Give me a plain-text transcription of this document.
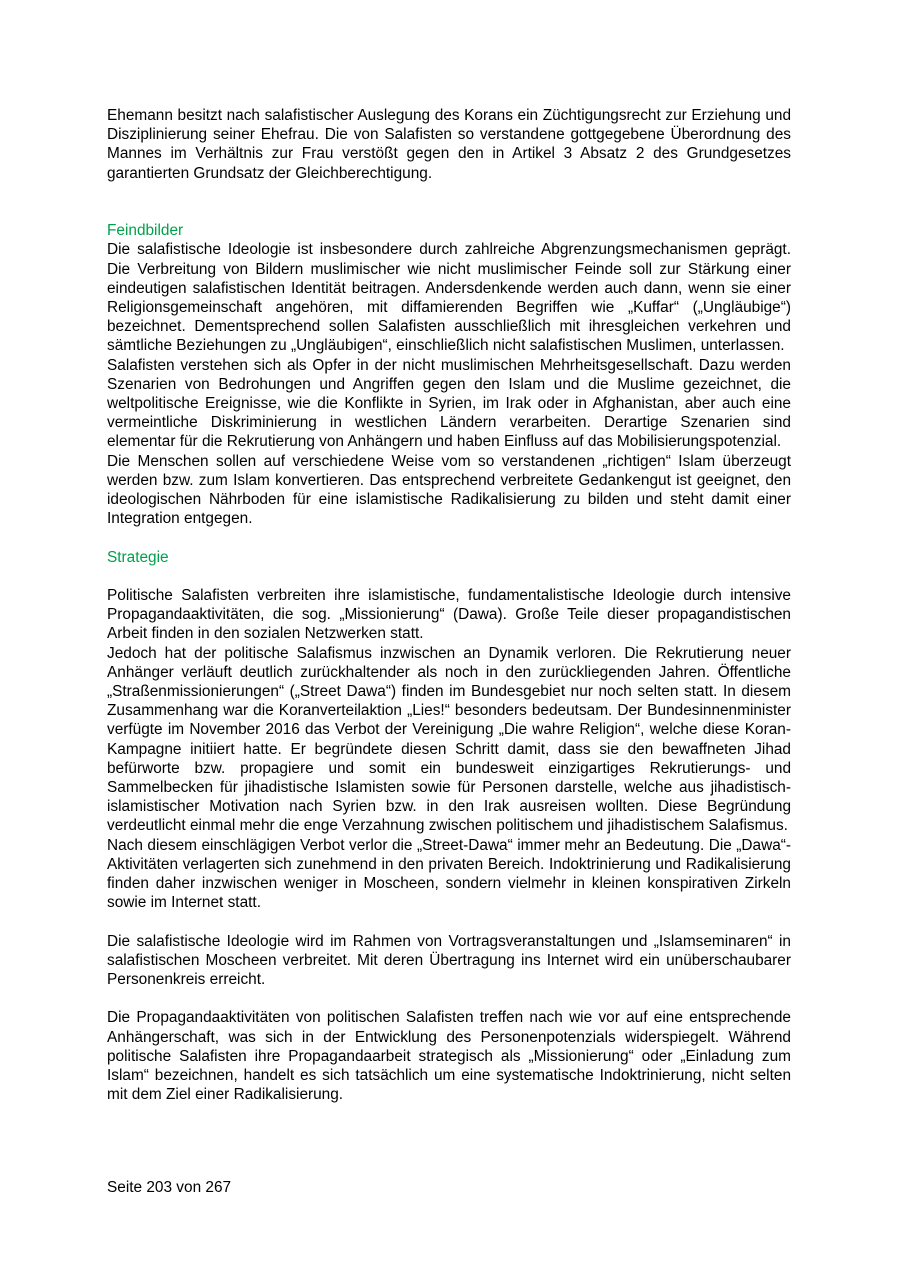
Ehemann besitzt nach salafistischer Auslegung des Korans ein Züchtigungsrecht zur Erziehung und Disziplinierung seiner Ehefrau. Die von Salafisten so verstandene gottgegebene Überordnung des Mannes im Verhältnis zur Frau verstößt gegen den in Artikel 3 Absatz 2 des Grundgesetzes garantierten Grundsatz der Gleichberechtigung.

Feindbilder

Die salafistische Ideologie ist insbesondere durch zahlreiche Abgrenzungsmechanismen geprägt. Die Verbreitung von Bildern muslimischer wie nicht muslimischer Feinde soll zur Stärkung einer eindeutigen salafistischen Identität beitragen. Andersdenkende werden auch dann, wenn sie einer Religionsgemeinschaft angehören, mit diffamierenden Begriffen wie „Kuffar“ („Ungläubige“) bezeichnet. Dementsprechend sollen Salafisten ausschließlich mit ihresgleichen verkehren und sämtliche Beziehungen zu „Ungläubigen“, einschließlich nicht salafistischen Muslimen, unterlassen.

Salafisten verstehen sich als Opfer in der nicht muslimischen Mehrheitsgesellschaft. Dazu werden Szenarien von Bedrohungen und Angriffen gegen den Islam und die Muslime gezeichnet, die weltpolitische Ereignisse, wie die Konflikte in Syrien, im Irak oder in Afghanistan, aber auch eine vermeintliche Diskriminierung in westlichen Ländern verarbeiten. Derartige Szenarien sind elementar für die Rekrutierung von Anhängern und haben Einfluss auf das Mobilisierungspotenzial.

Die Menschen sollen auf verschiedene Weise vom so verstandenen „richtigen“ Islam überzeugt werden bzw. zum Islam konvertieren. Das entsprechend verbreitete Gedankengut ist geeignet, den ideologischen Nährboden für eine islamistische Radikalisierung zu bilden und steht damit einer Integration entgegen.

Strategie

Politische Salafisten verbreiten ihre islamistische, fundamentalistische Ideologie durch intensive Propagandaaktivitäten, die sog. „Missionierung“ (Dawa). Große Teile dieser propagandistischen Arbeit finden in den sozialen Netzwerken statt.

Jedoch hat der politische Salafismus inzwischen an Dynamik verloren. Die Rekrutierung neuer Anhänger verläuft deutlich zurückhaltender als noch in den zurückliegenden Jahren. Öffentliche „Straßenmissionierungen“ („Street Dawa“) finden im Bundesgebiet nur noch selten statt. In diesem Zusammenhang war die Koranverteilaktion „Lies!“ besonders bedeutsam. Der Bundesinnenminister verfügte im November 2016 das Verbot der Vereinigung „Die wahre Religion“, welche diese Koran-Kampagne initiiert hatte. Er begründete diesen Schritt damit, dass sie den bewaffneten Jihad befürworte bzw. propagiere und somit ein bundesweit einzigartiges Rekrutierungs- und Sammelbecken für jihadistische Islamisten sowie für Personen darstelle, welche aus jihadistisch-islamistischer Motivation nach Syrien bzw. in den Irak ausreisen wollten. Diese Begründung verdeutlicht einmal mehr die enge Verzahnung zwischen politischem und jihadistischem Salafismus.

Nach diesem einschlägigen Verbot verlor die „Street-Dawa“ immer mehr an Bedeutung. Die „Dawa“- Aktivitäten verlagerten sich zunehmend in den privaten Bereich. Indoktrinierung und Radikalisierung finden daher inzwischen weniger in Moscheen, sondern vielmehr in kleinen konspirativen Zirkeln sowie im Internet statt.

Die salafistische Ideologie wird im Rahmen von Vortragsveranstaltungen und „Islamseminaren“ in salafistischen Moscheen verbreitet. Mit deren Übertragung ins Internet wird ein unüberschaubarer Personenkreis erreicht.

Die Propagandaaktivitäten von politischen Salafisten treffen nach wie vor auf eine entsprechende Anhängerschaft, was sich in der Entwicklung des Personenpotenzials widerspiegelt. Während politische Salafisten ihre Propagandaarbeit strategisch als „Missionierung“ oder „Einladung zum Islam“ bezeichnen, handelt es sich tatsächlich um eine systematische Indoktrinierung, nicht selten mit dem Ziel einer Radikalisierung.

Seite 203 von 267
